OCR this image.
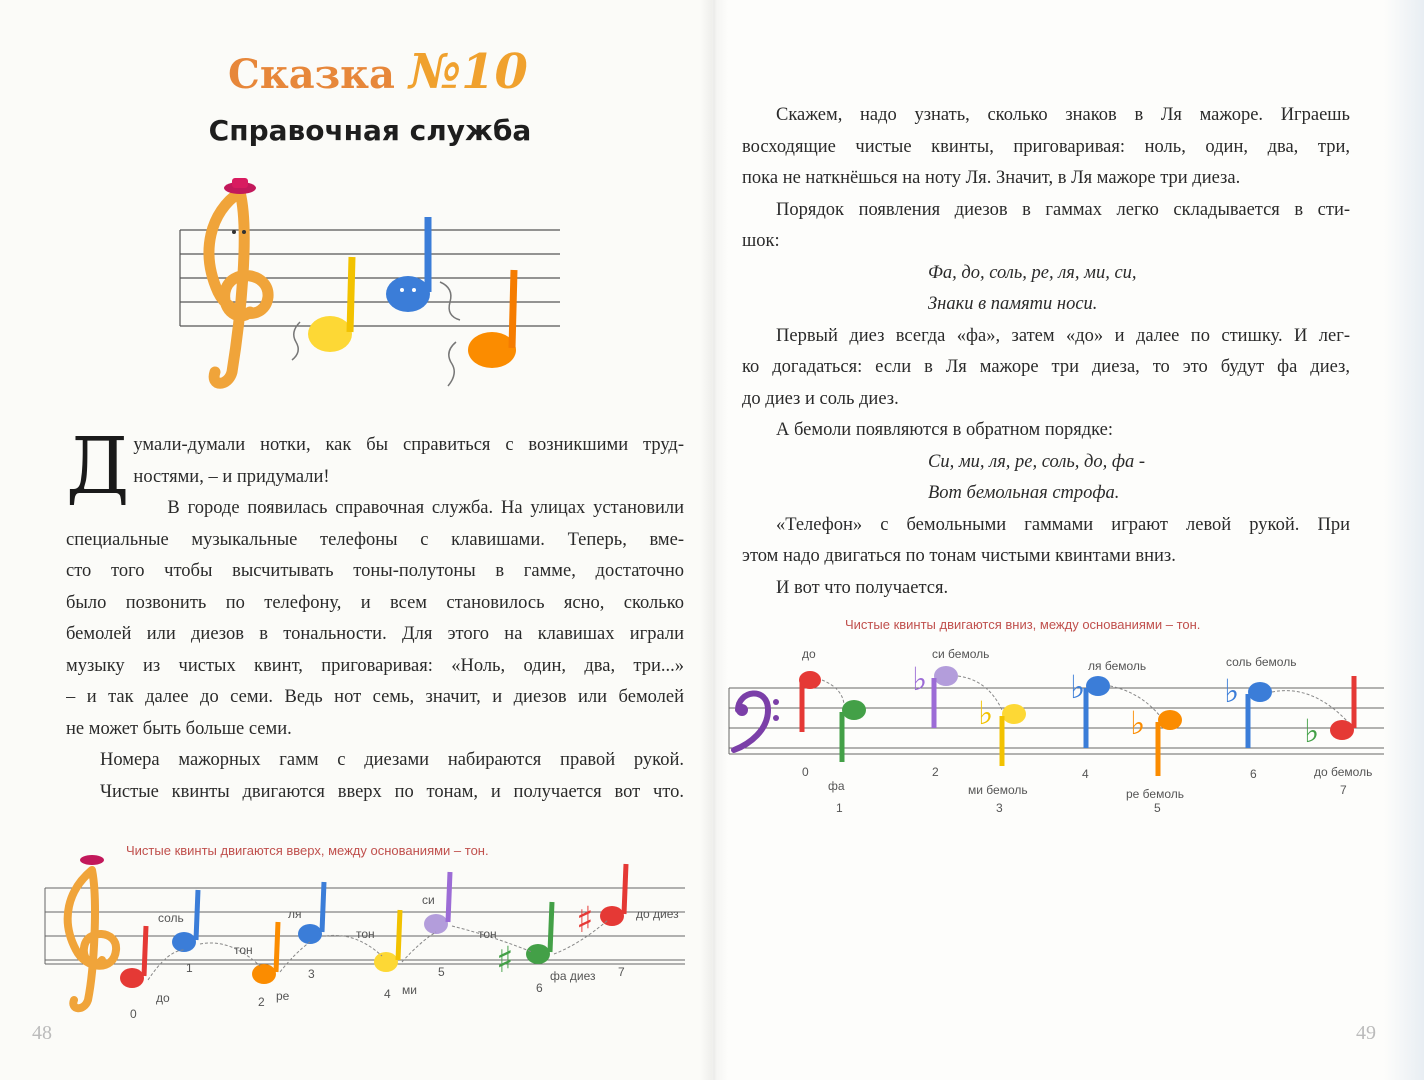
Сказка №10
Справочная служба
Д умали-думали нотки, как бы справиться с возникшими труд-
ностями, – и придумали!
В городе появилась справочная служба. На улицах установили
специальные музыкальные телефоны с клавишами. Теперь, вме-
сто того чтобы высчитывать тоны-полутоны в гамме, достаточно
было позвонить по телефону, и всем становилось ясно, сколько
бемолей или диезов в тональности. Для этого на клавишах играли
музыку из чистых квинт, приговаривая: «Ноль, один, два, три...»
– и так далее до семи. Ведь нот семь, значит, и диезов или бемолей
не может быть больше семи.
Номера мажорных гамм с диезами набираются правой рукой.
Чистые квинты двигаются вверх по тонам, и получается вот что.
Чистые квинты двигаются вверх, между основаниями – тон.
♯
♯
до
соль
ре
ля
ми
си
фа диез
до диез
тон
тон	тон
0
1
2
3
4
5
6
7
48
Скажем, надо узнать, сколько знаков в Ля мажоре. Играешь
восходящие чистые квинты, приговаривая: ноль, один, два, три,
пока не наткнёшься на ноту Ля. Значит, в Ля мажоре три диеза.
Порядок появления диезов в гаммах легко складывается в сти-
шок:
Фа, до, соль, ре, ля, ми, си,
Знаки в памяти носи.
Первый диез всегда «фа», затем «до» и далее по стишку. И лег-
ко догадаться: если в Ля мажоре три диеза, то это будут фа диез,
до диез и соль диез.
А бемоли появляются в обратном порядке:
Си, ми, ля, ре, соль, до, фа -
Вот бемольная строфа.
«Телефон» с бемольными гаммами играют левой рукой. При
этом надо двигаться по тонам чистыми квинтами вниз.
И вот что получается.
Чистые квинты двигаются вниз, между основаниями – тон.
♭
♭
♭
♭
♭
♭
до
фа
си бемоль
ми бемоль
ля бемоль
ре бемоль
соль бемоль
до бемоль
0
1
2
3
4
5
6
7
49
